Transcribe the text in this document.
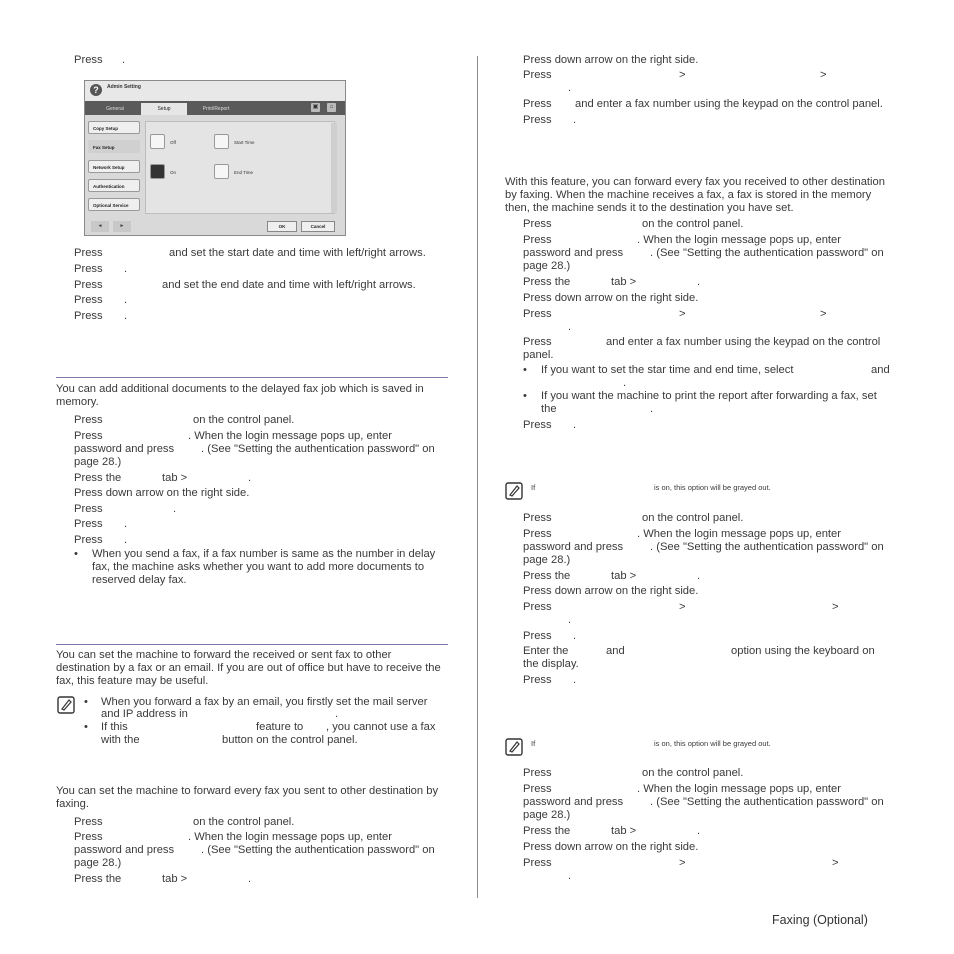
Press .
?	Admin Setting
General	Setup	Print/Report	▣	⌂
Copy Setup
Fax Setup
Network Setup
Authentication
Optional Service
Off
On
Start Time
End Time
◄	►	OK	Cancel
Press	and set the start date and time with left/right arrows.
Press .
Press	and set the end date and time with left/right arrows.
Press .
Press .
You can add additional documents to the delayed fax job which is saved in memory.
Press	on the control panel.
Press	. When the login message pops up, enter
password and press . (See "Setting the authentication password" on
page 28.)
Press the	tab >	.
Press down arrow on the right side.
Press	.
Press .
Press .
• When you send a fax, if a fax number is same as the number in delay fax, the machine asks whether you want to add more documents to reserved delay fax.
You can set the machine to forward the received or sent fax to other destination by a fax or an email. If you are out of office but have to receive the fax, this feature may be useful.
• When you forward a fax by an email, you firstly set the mail server
and IP address in	.
• If this	feature to , you cannot use a fax
with the	button on the control panel.
You can set the machine to forward every fax you sent to other destination by faxing.
Press	on the control panel.
Press	. When the login message pops up, enter
password and press . (See "Setting the authentication password" on
page 28.)
Press the	tab >	.
Press down arrow on the right side.
Press	>	>
.
Press and enter a fax number using the keypad on the control panel.
Press .
With this feature, you can forward every fax you received to other destination by faxing. When the machine receives a fax, a fax is stored in the memory then, the machine sends it to the destination you have set.
Press	on the control panel.
Press	. When the login message pops up, enter
password and press . (See "Setting the authentication password" on
page 28.)
Press the	tab >	.
Press down arrow on the right side.
Press	>	>
.
Press	and enter a fax number using the keypad on the control
panel.
• If you want to set the star time and end time, select	and
.
• If you want the machine to print the report after forwarding a fax, set
the	.
Press .
If	is on, this option will be grayed out.
Press	on the control panel.
Press	. When the login message pops up, enter
password and press . (See "Setting the authentication password" on
page 28.)
Press the	tab >	.
Press down arrow on the right side.
Press	>	>
.
Press .
Enter the	and	option using the keyboard on
the display.
Press .
If	is on, this option will be grayed out.
Press	on the control panel.
Press	. When the login message pops up, enter
password and press . (See "Setting the authentication password" on
page 28.)
Press the	tab >	.
Press down arrow on the right side.
Press	>	>
.
Faxing (Optional)
